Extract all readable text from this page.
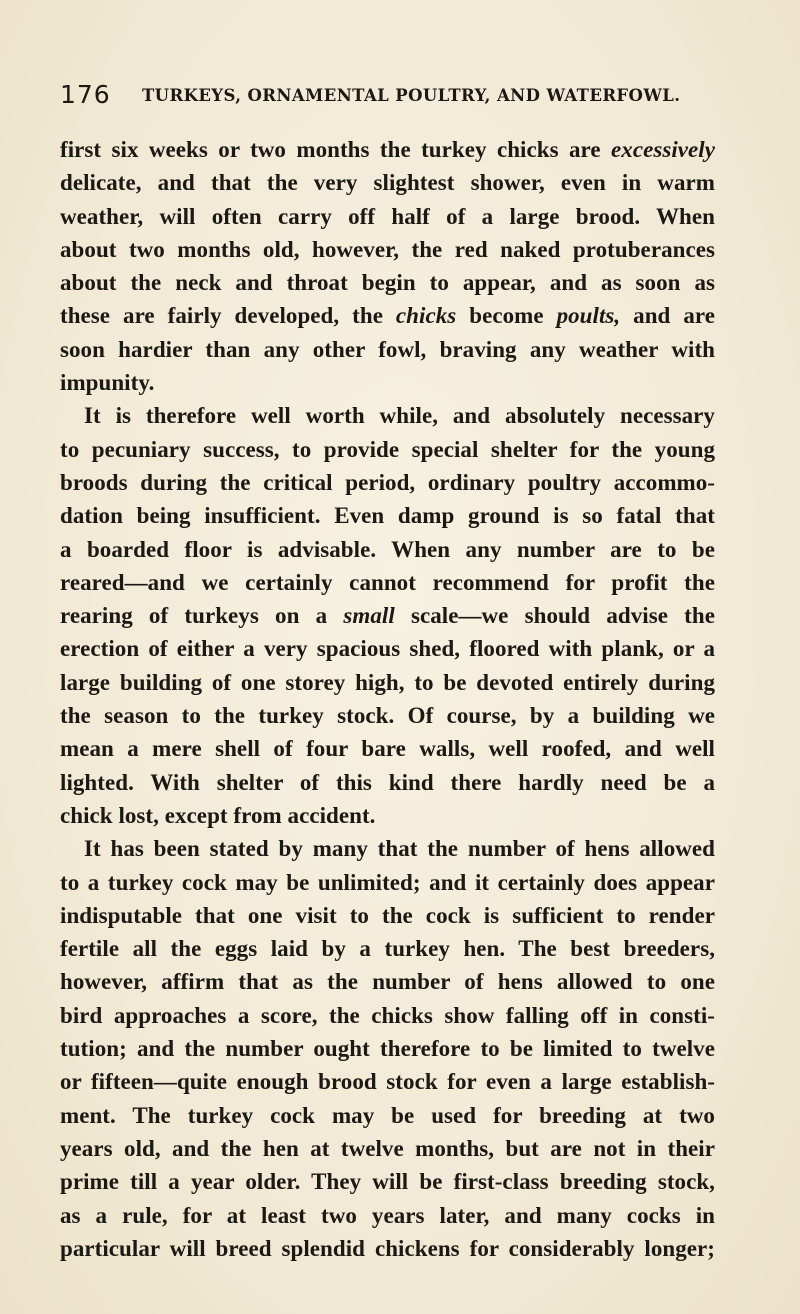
176 TURKEYS, ORNAMENTAL POULTRY, AND WATERFOWL.
first six weeks or two months the turkey chicks are excessively
delicate, and that the very slightest shower, even in warm
weather, will often carry off half of a large brood. When
about two months old, however, the red naked protuberances
about the neck and throat begin to appear, and as soon as
these are fairly developed, the chicks become poults, and are
soon hardier than any other fowl, braving any weather with
impunity.
It is therefore well worth while, and absolutely necessary
to pecuniary success, to provide special shelter for the young
broods during the critical period, ordinary poultry accommo-
dation being insufficient. Even damp ground is so fatal that
a boarded floor is advisable. When any number are to be
reared—and we certainly cannot recommend for profit the
rearing of turkeys on a small scale—we should advise the
erection of either a very spacious shed, floored with plank, or a
large building of one storey high, to be devoted entirely during
the season to the turkey stock. Of course, by a building we
mean a mere shell of four bare walls, well roofed, and well
lighted. With shelter of this kind there hardly need be a
chick lost, except from accident.
It has been stated by many that the number of hens allowed
to a turkey cock may be unlimited; and it certainly does appear
indisputable that one visit to the cock is sufficient to render
fertile all the eggs laid by a turkey hen. The best breeders,
however, affirm that as the number of hens allowed to one
bird approaches a score, the chicks show falling off in consti-
tution; and the number ought therefore to be limited to twelve
or fifteen—quite enough brood stock for even a large establish-
ment. The turkey cock may be used for breeding at two
years old, and the hen at twelve months, but are not in their
prime till a year older. They will be first-class breeding stock,
as a rule, for at least two years later, and many cocks in
particular will breed splendid chickens for considerably longer;
